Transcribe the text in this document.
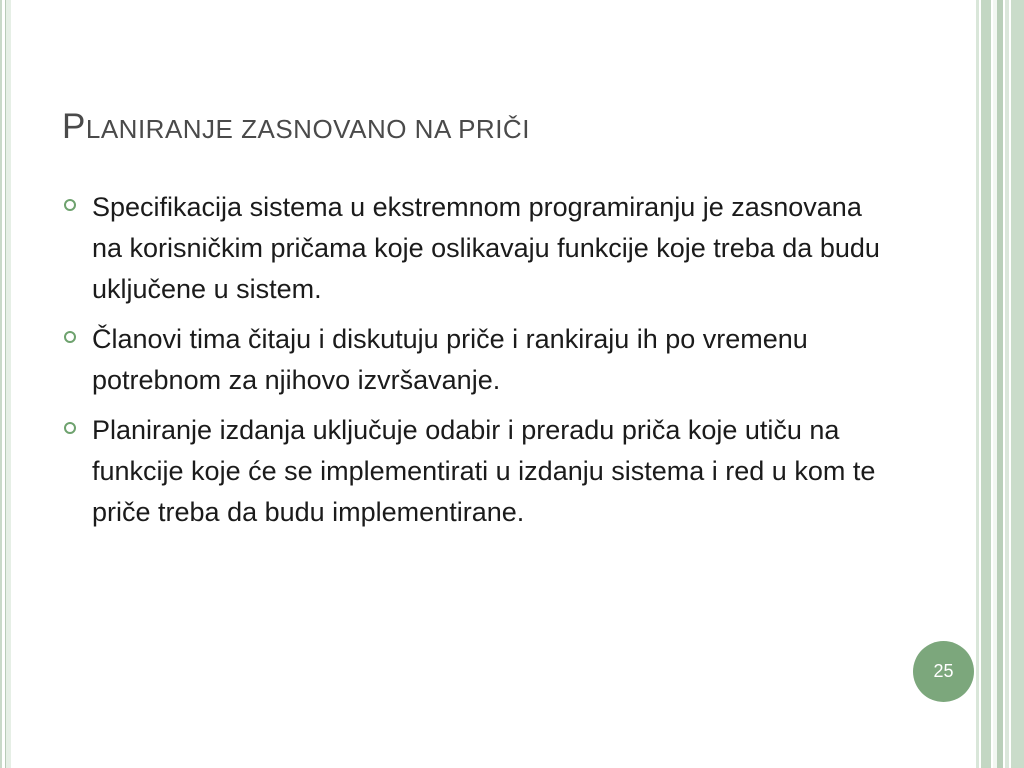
PLANIRANJE ZASNOVANO NA PRIČI
Specifikacija sistema u ekstremnom programiranju je zasnovana na korisničkim pričama koje oslikavaju funkcije koje treba da budu uključene u sistem.
Članovi tima čitaju i diskutuju priče i rankiraju ih po vremenu potrebnom za njihovo izvršavanje.
Planiranje izdanja uključuje odabir i preradu priča koje utiču na funkcije koje će se implementirati u izdanju sistema i red u kom te priče treba da budu implementirane.
25
